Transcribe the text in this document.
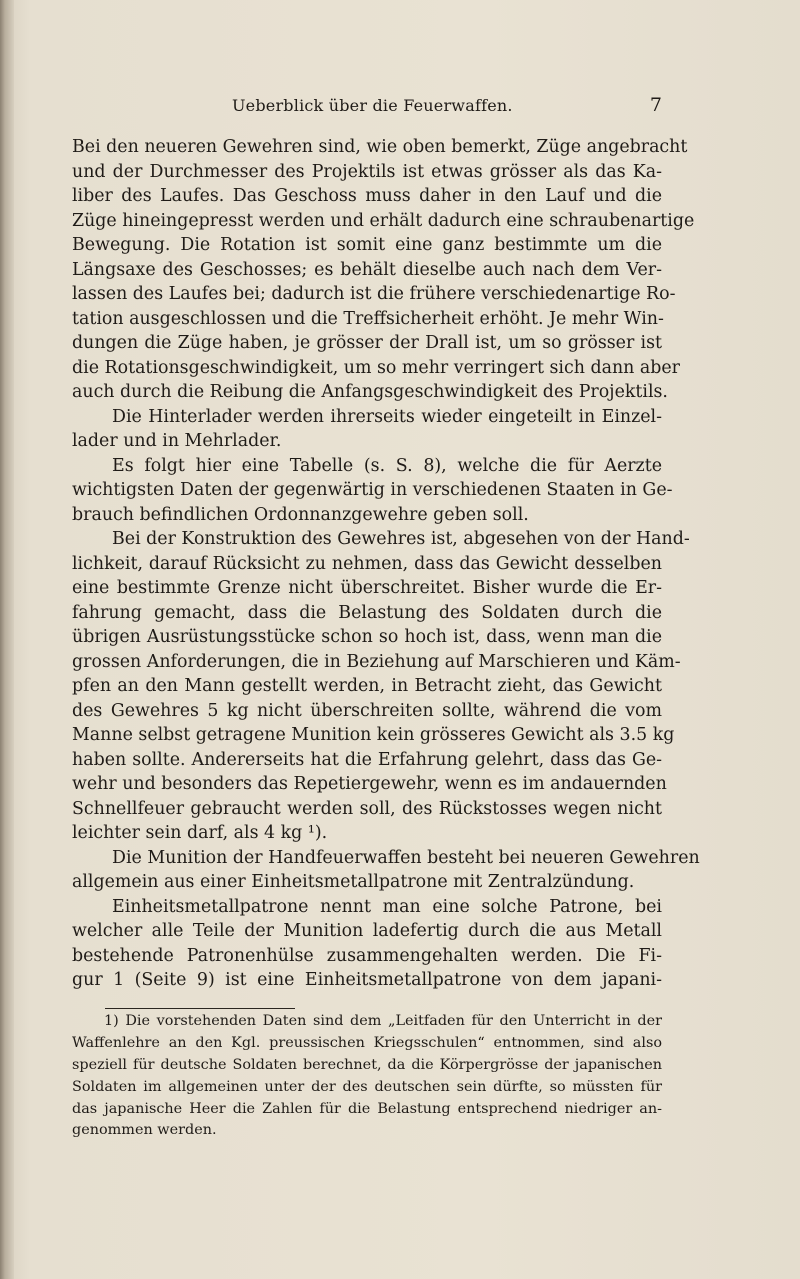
Ueberblick über die Feuerwaffen.	7
Bei den neueren Gewehren sind, wie oben bemerkt, Züge angebracht
und der Durchmesser des Projektils ist etwas grösser als das Ka-
liber des Laufes. Das Geschoss muss daher in den Lauf und die
Züge hineingepresst werden und erhält dadurch eine schraubenartige
Bewegung. Die Rotation ist somit eine ganz bestimmte um die
Längsaxe des Geschosses; es behält dieselbe auch nach dem Ver-
lassen des Laufes bei; dadurch ist die frühere verschiedenartige Ro-
tation ausgeschlossen und die Treffsicherheit erhöht. Je mehr Win-
dungen die Züge haben, je grösser der Drall ist, um so grösser ist
die Rotationsgeschwindigkeit, um so mehr verringert sich dann aber
auch durch die Reibung die Anfangsgeschwindigkeit des Projektils.
Die Hinterlader werden ihrerseits wieder eingeteilt in Einzel-
lader und in Mehrlader.
Es folgt hier eine Tabelle (s. S. 8), welche die für Aerzte
wichtigsten Daten der gegenwärtig in verschiedenen Staaten in Ge-
brauch befindlichen Ordonnanzgewehre geben soll.
Bei der Konstruktion des Gewehres ist, abgesehen von der Hand-
lichkeit, darauf Rücksicht zu nehmen, dass das Gewicht desselben
eine bestimmte Grenze nicht überschreitet. Bisher wurde die Er-
fahrung gemacht, dass die Belastung des Soldaten durch die
übrigen Ausrüstungsstücke schon so hoch ist, dass, wenn man die
grossen Anforderungen, die in Beziehung auf Marschieren und Käm-
pfen an den Mann gestellt werden, in Betracht zieht, das Gewicht
des Gewehres 5 kg nicht überschreiten sollte, während die vom
Manne selbst getragene Munition kein grösseres Gewicht als 3.5 kg
haben sollte. Andererseits hat die Erfahrung gelehrt, dass das Ge-
wehr und besonders das Repetiergewehr, wenn es im andauernden
Schnellfeuer gebraucht werden soll, des Rückstosses wegen nicht
leichter sein darf, als 4 kg ¹).
Die Munition der Handfeuerwaffen besteht bei neueren Gewehren
allgemein aus einer Einheitsmetallpatrone mit Zentralzündung.
Einheitsmetallpatrone nennt man eine solche Patrone, bei
welcher alle Teile der Munition ladefertig durch die aus Metall
bestehende Patronenhülse zusammengehalten werden. Die Fi-
gur 1 (Seite 9) ist eine Einheitsmetallpatrone von dem japani-
1) Die vorstehenden Daten sind dem „Leitfaden für den Unterricht in der
Waffenlehre an den Kgl. preussischen Kriegsschulen“ entnommen, sind also
speziell für deutsche Soldaten berechnet, da die Körpergrösse der japanischen
Soldaten im allgemeinen unter der des deutschen sein dürfte, so müssten für
das japanische Heer die Zahlen für die Belastung entsprechend niedriger an-
genommen werden.
